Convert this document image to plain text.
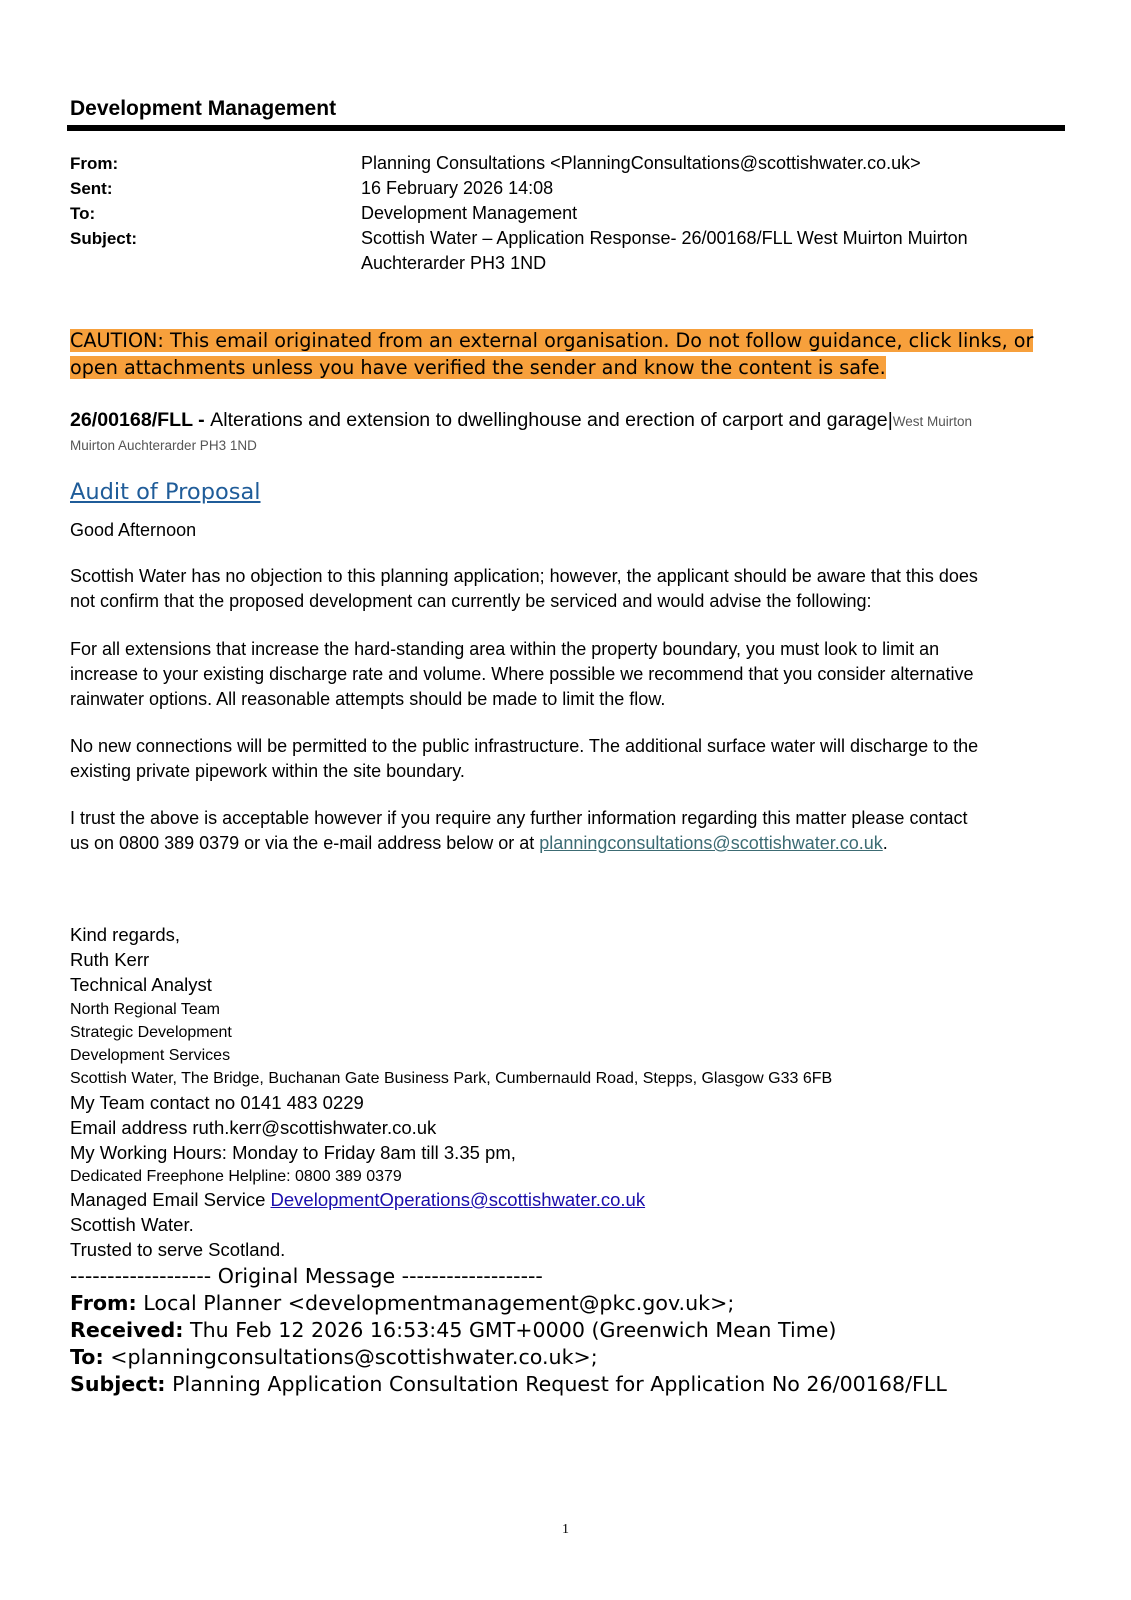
Development Management
From:	Planning Consultations <PlanningConsultations@scottishwater.co.uk>
Sent:	16 February 2026 14:08
To:	Development Management
Subject:	Scottish Water – Application Response- 26/00168/FLL West Muirton Muirton
Auchterarder PH3 1ND
CAUTION: This email originated from an external organisation. Do not follow guidance, click links, or
open attachments unless you have verified the sender and know the content is safe.
26/00168/FLL - Alterations and extension to dwellinghouse and erection of carport and garage|West Muirton
Muirton Auchterarder PH3 1ND
Audit of Proposal
Good Afternoon
Scottish Water has no objection to this planning application; however, the applicant should be aware that this does
not confirm that the proposed development can currently be serviced and would advise the following:
For all extensions that increase the hard-standing area within the property boundary, you must look to limit an
increase to your existing discharge rate and volume. Where possible we recommend that you consider alternative
rainwater options. All reasonable attempts should be made to limit the flow.
No new connections will be permitted to the public infrastructure. The additional surface water will discharge to the
existing private pipework within the site boundary.
I trust the above is acceptable however if you require any further information regarding this matter please contact
us on 0800 389 0379 or via the e-mail address below or at planningconsultations@scottishwater.co.uk.
Kind regards,
Ruth Kerr
Technical Analyst
North Regional Team
Strategic Development
Development Services
Scottish Water, The Bridge, Buchanan Gate Business Park, Cumbernauld Road, Stepps, Glasgow G33 6FB
My Team contact no 0141 483 0229
Email address ruth.kerr@scottishwater.co.uk
My Working Hours: Monday to Friday 8am till 3.35 pm,
Dedicated Freephone Helpline: 0800 389 0379
Managed Email Service DevelopmentOperations@scottishwater.co.uk
Scottish Water.
Trusted to serve Scotland.
------------------- Original Message -------------------
From: Local Planner <developmentmanagement@pkc.gov.uk>;
Received: Thu Feb 12 2026 16:53:45 GMT+0000 (Greenwich Mean Time)
To: <planningconsultations@scottishwater.co.uk>;
Subject: Planning Application Consultation Request for Application No 26/00168/FLL
1
